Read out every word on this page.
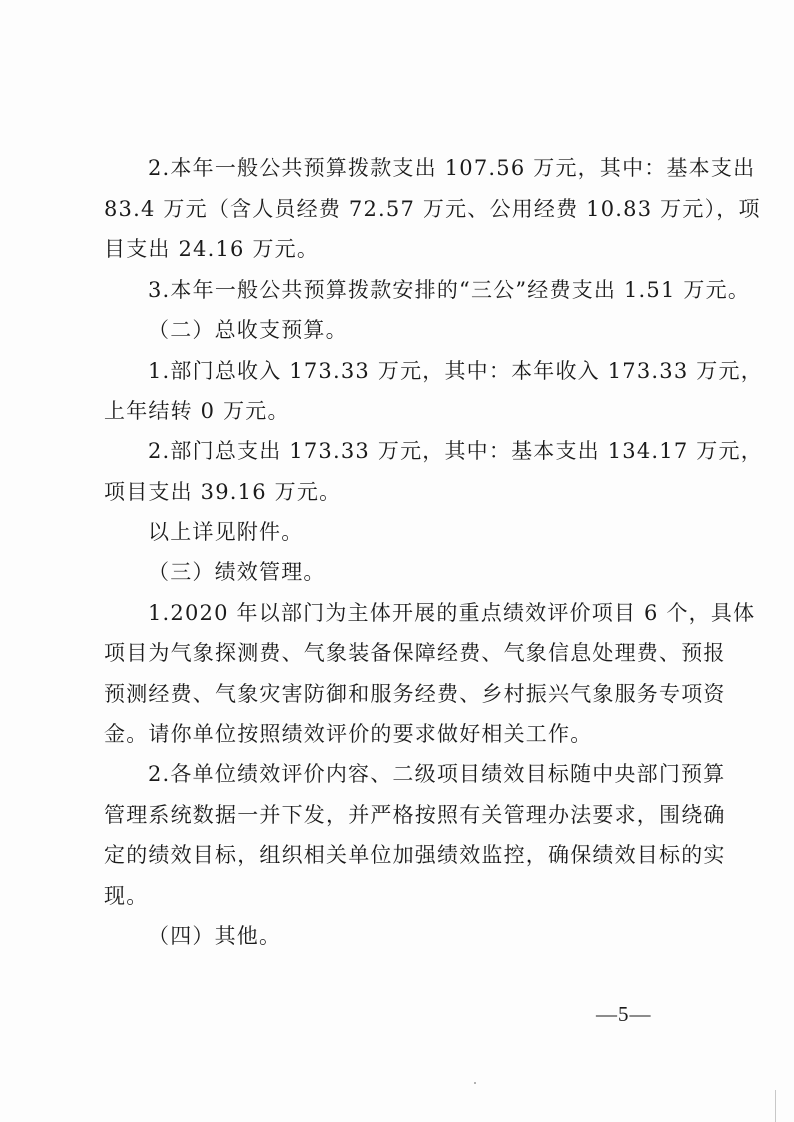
2.本年一般公共预算拨款支出 107.56 万元，其中：基本支出
83.4 万元（含人员经费 72.57 万元、公用经费 10.83 万元），项
目支出 24.16 万元。
3.本年一般公共预算拨款安排的“三公”经费支出 1.51 万元。
（二）总收支预算。
1.部门总收入 173.33 万元，其中：本年收入 173.33 万元，
上年结转 0 万元。
2.部门总支出 173.33 万元，其中：基本支出 134.17 万元，
项目支出 39.16 万元。
以上详见附件。
（三）绩效管理。
1.2020 年以部门为主体开展的重点绩效评价项目 6 个，具体
项目为气象探测费、气象装备保障经费、气象信息处理费、预报
预测经费、气象灾害防御和服务经费、乡村振兴气象服务专项资
金。请你单位按照绩效评价的要求做好相关工作。
2.各单位绩效评价内容、二级项目绩效目标随中央部门预算
管理系统数据一并下发，并严格按照有关管理办法要求，围绕确
定的绩效目标，组织相关单位加强绩效监控，确保绩效目标的实
现。
（四）其他。
—5—
